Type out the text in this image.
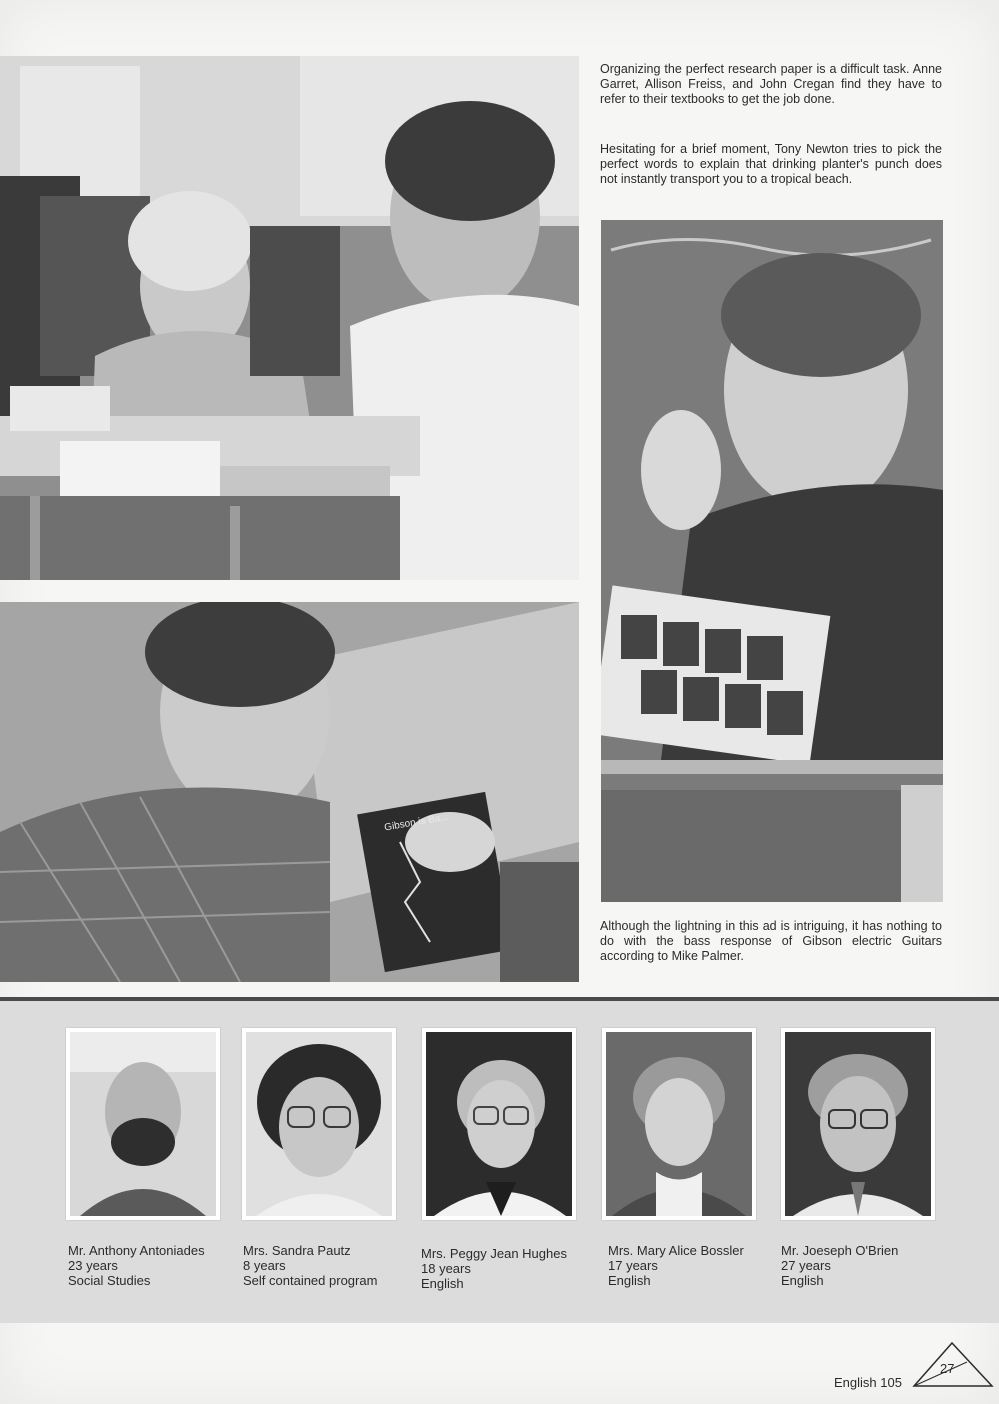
Organizing the perfect research paper is a difficult task. Anne Garret, Allison Freiss, and John Cregan find they have to refer to their textbooks to get the job done.

Hesitating for a brief moment, Tony Newton tries to pick the perfect words to explain that drinking planter's punch does not instantly transport you to a tropical beach.

Gibson is Ba...

Although the lightning in this ad is intriguing, it has nothing to do with the bass response of Gibson electric Guitars according to Mike Palmer.

Mr. Anthony Antoniades
23 years
Social Studies
Mrs. Sandra Pautz
8 years
Self contained program
Mrs. Peggy Jean Hughes
18 years
English
Mrs. Mary Alice Bossler
17 years
English
Mr. Joeseph O'Brien
27 years
English
English 105
27
